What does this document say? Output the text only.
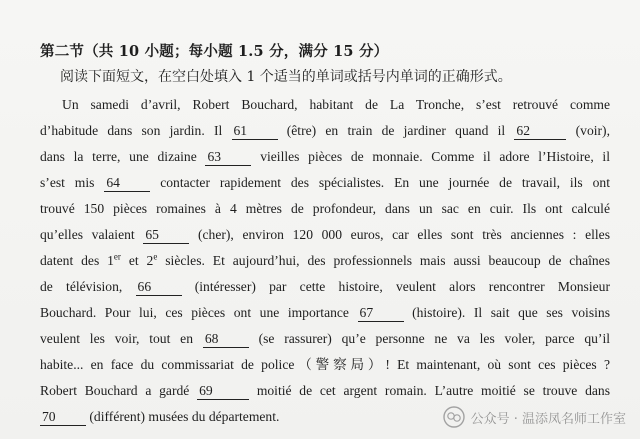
第二节（共 10 小题；每小题 1.5 分，满分 15 分）
阅读下面短文，在空白处填入 1 个适当的单词或括号内单词的正确形式。
Un samedi d’avril, Robert Bouchard, habitant de La Tronche, s’est retrouvé comme
d’habitude dans son jardin. Il 61	(être) en train de jardiner quand il 62	(voir),
dans la terre, une dizaine 63	vieilles pièces de monnaie. Comme il adore l’Histoire, il
s’est mis 64	contacter rapidement des spécialistes. En une journée de travail, ils ont
trouvé 150 pièces romaines à 4 mètres de profondeur, dans un sac en cuir. Ils ont calculé
qu’elles valaient 65	(cher), environ 120 000 euros, car elles sont très anciennes : elles
datent des 1er et 2e siècles. Et aujourd’hui, des professionnels mais aussi beaucoup de chaînes
de télévision, 66	(intéresser) par cette histoire, veulent alors rencontrer Monsieur
Bouchard. Pour lui, ces pièces ont une importance 67	(histoire). Il sait que ses voisins
veulent les voir, tout en 68	(se rassurer) qu’e personne ne va les voler, parce qu’il
habite... en face du commissariat de police（警察局）! Et maintenant, où sont ces pièces ?
Robert Bouchard a gardé 69	moitié de cet argent romain. L’autre moitié se trouve dans
70 (différent) musées du département.	公众号 · 温添凤名师工作室
